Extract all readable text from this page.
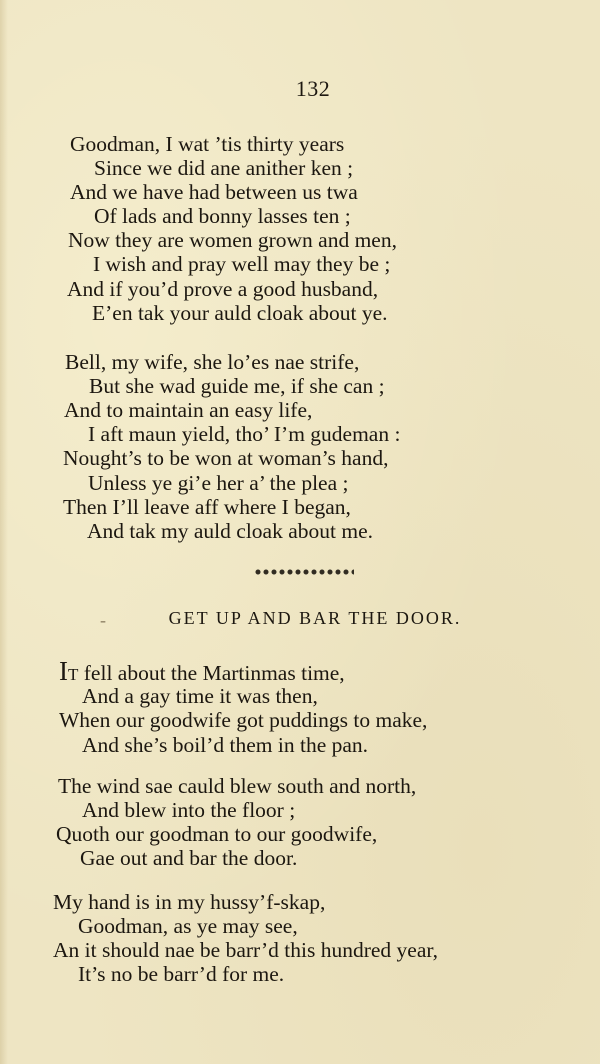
132
Goodman, I wat ’tis thirty years
Since we did ane anither ken ;
And we have had between us twa
Of lads and bonny lasses ten ;
Now they are women grown and men,
I wish and pray well may they be ;
And if you’d prove a good husband,
E’en tak your auld cloak about ye.
Bell, my wife, she lo’es nae strife,
But she wad guide me, if she can ;
And to maintain an easy life,
I aft maun yield, tho’ I’m gudeman :
Nought’s to be won at woman’s hand,
Unless ye gi’e her a’ the plea ;
Then I’ll leave aff where I began,
And tak my auld cloak about me.
-	GET UP AND BAR THE DOOR.
IT fell about the Martinmas time,
And a gay time it was then,
When our goodwife got puddings to make,
And she’s boil’d them in the pan.
The wind sae cauld blew south and north,
And blew into the floor ;
Quoth our goodman to our goodwife,
Gae out and bar the door.
My hand is in my hussy’f-skap,
Goodman, as ye may see,
An it should nae be barr’d this hundred year,
It’s no be barr’d for me.
